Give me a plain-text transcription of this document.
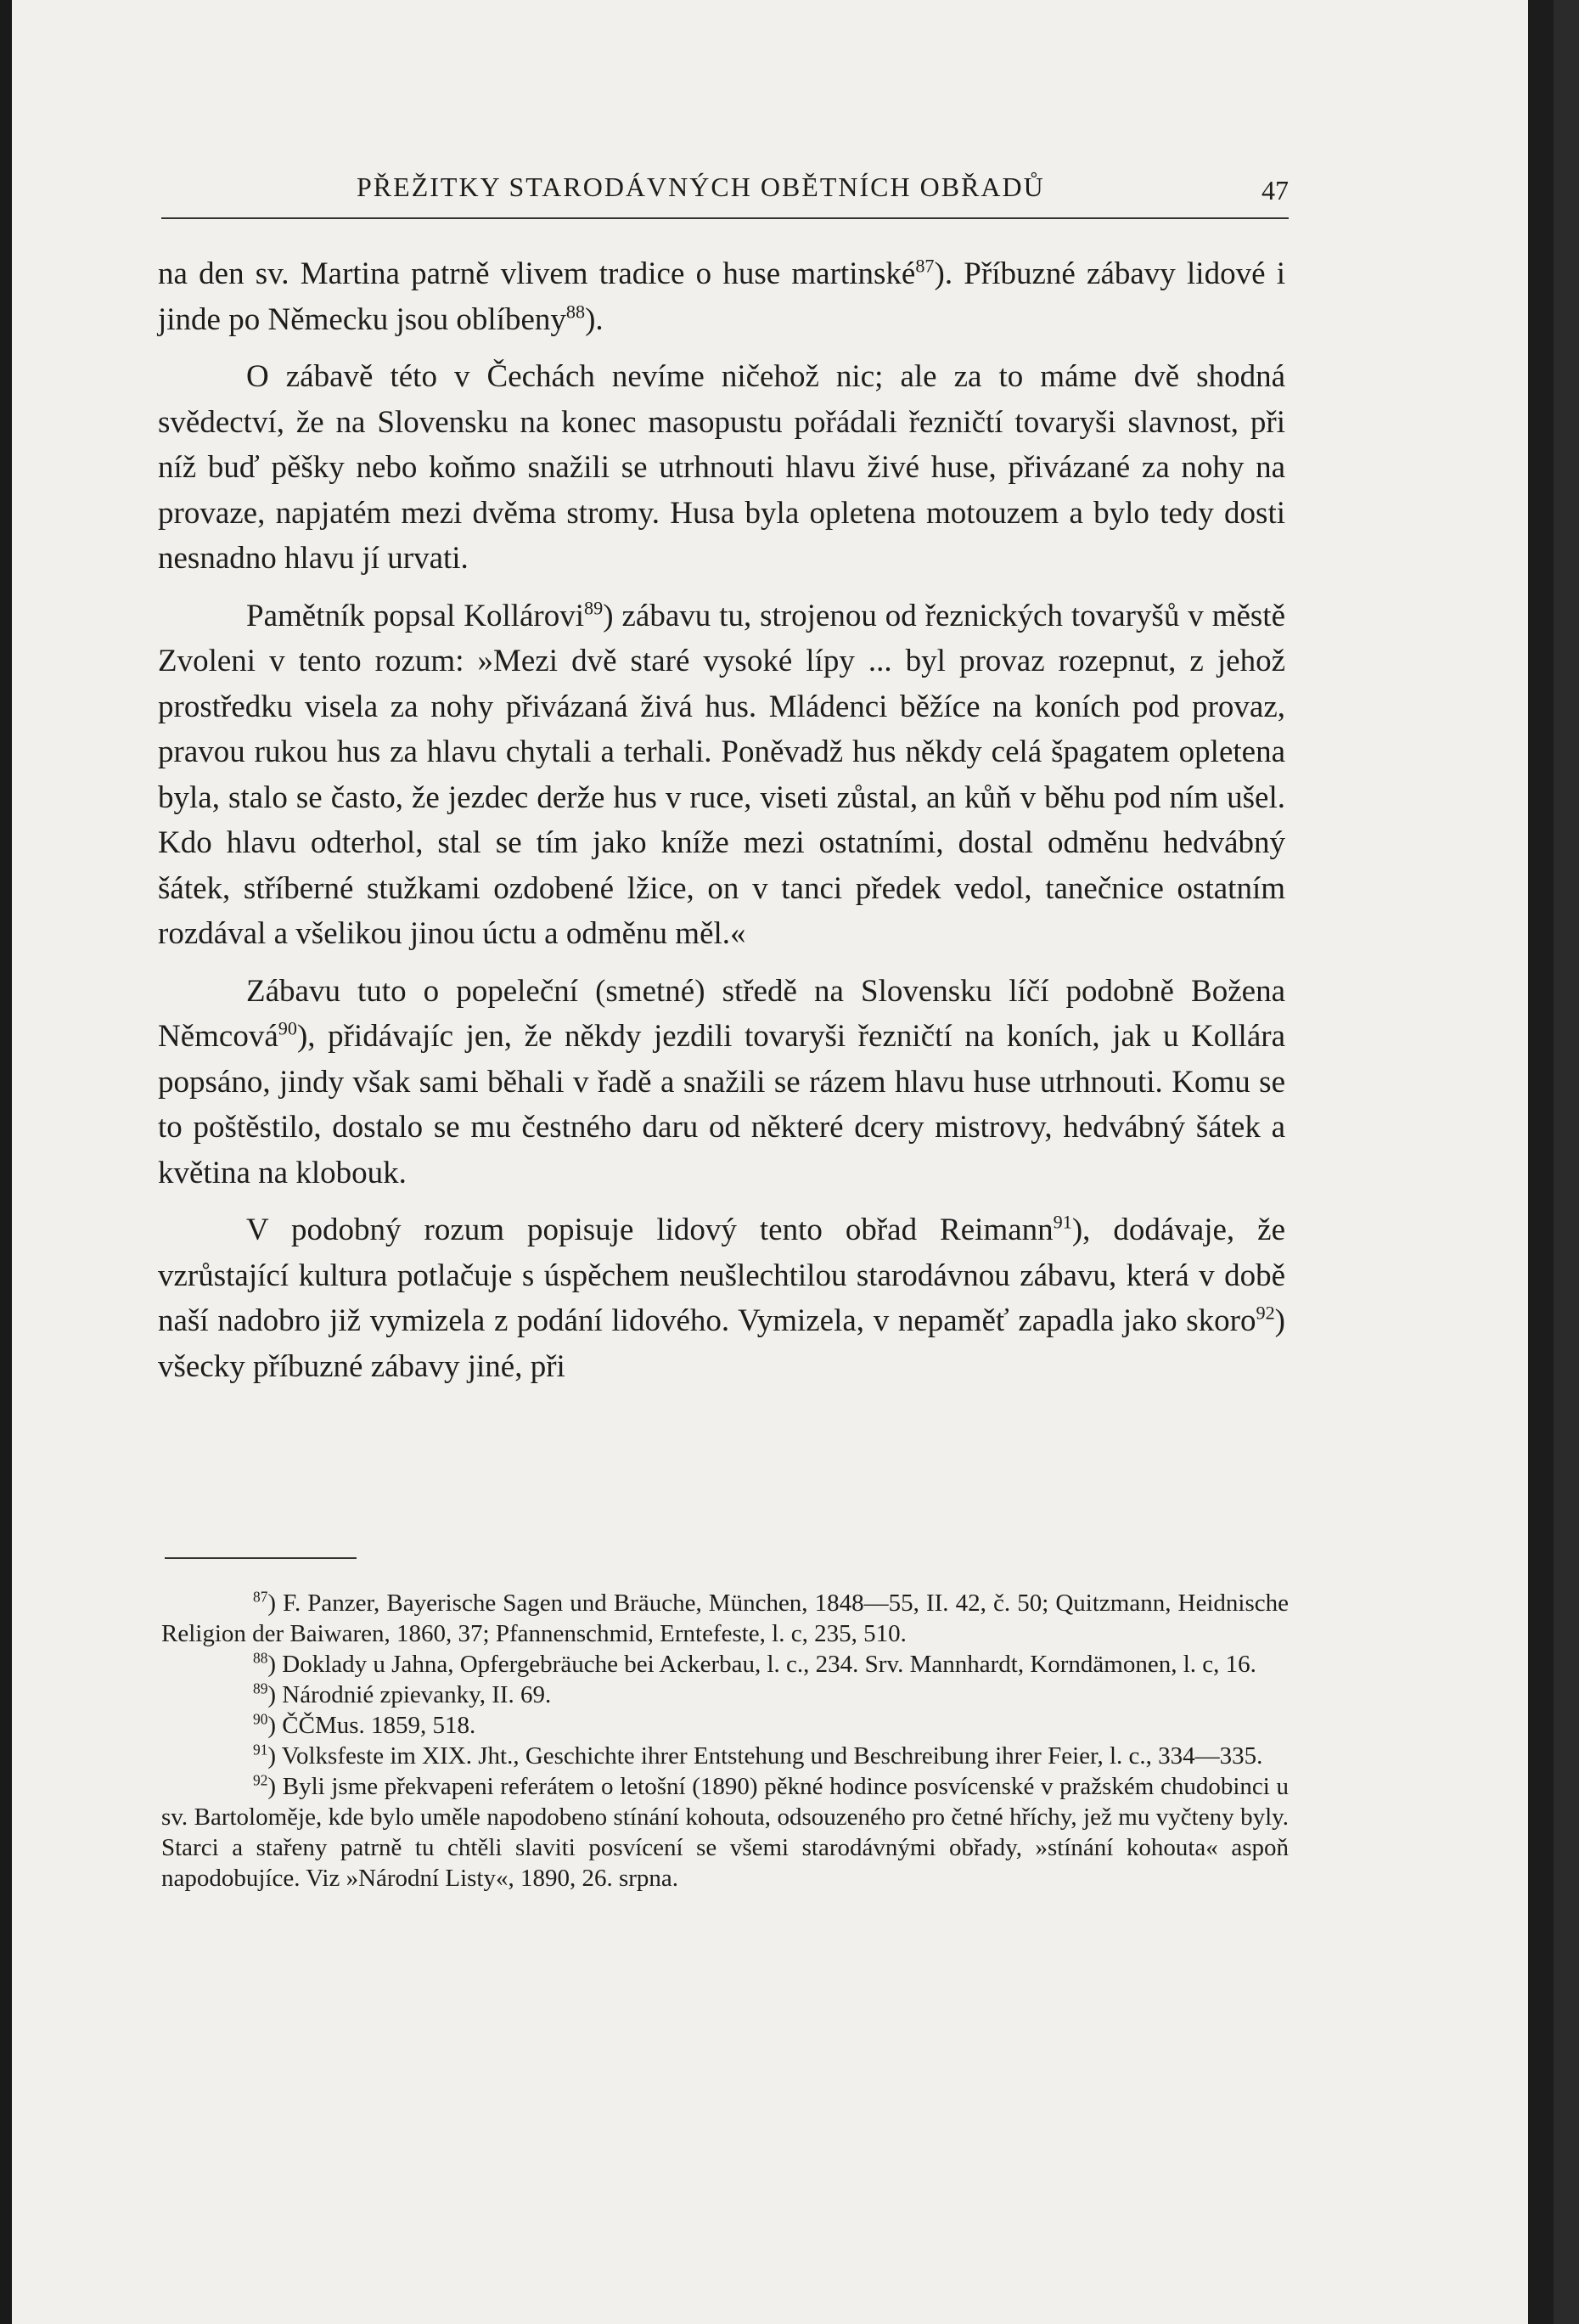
PŘEŽITKY STARODÁVNÝCH OBĚTNÍCH OBŘADŮ	47

na den sv. Martina patrně vlivem tradice o huse martinské$^{87}$). Příbuzné zábavy lidové i jinde po Německu jsou oblíbeny$^{88}$).

O zábavě této v Čechách nevíme ničehož nic; ale za to máme dvě shodná svědectví, že na Slovensku na konec masopustu pořádali řezničtí tovaryši slavnost, při níž buď pěšky nebo koňmo snažili se utrhnouti hlavu živé huse, přivázané za nohy na provaze, napjatém mezi dvěma stromy. Husa byla opletena motouzem a bylo tedy dosti nesnadno hlavu jí urvati.

Pamětník popsal Kollárovi$^{89}$) zábavu tu, strojenou od řeznických tovaryšů v městě Zvoleni v tento rozum: »Mezi dvě staré vysoké lípy ... byl provaz rozepnut, z jehož prostředku visela za nohy přivázaná živá hus. Mládenci běžíce na koních pod provaz, pravou rukou hus za hlavu chytali a terhali. Poněvadž hus někdy celá špagatem opletena byla, stalo se často, že jezdec derže hus v ruce, viseti zůstal, an kůň v běhu pod ním ušel. Kdo hlavu odterhol, stal se tím jako kníže mezi ostatními, dostal odměnu hedvábný šátek, stříberné stužkami ozdobené lžice, on v tanci předek vedol, tanečnice ostatním rozdával a všelikou jinou úctu a odměnu měl.«

Zábavu tuto o popeleční (smetné) středě na Slovensku líčí podobně Božena Němcová$^{90}$), přidávajíc jen, že někdy jezdili tovaryši řezničtí na koních, jak u Kollára popsáno, jindy však sami běhali v řadě a snažili se rázem hlavu huse utrhnouti. Komu se to poštěstilo, dostalo se mu čestného daru od některé dcery mistrovy, hedvábný šátek a květina na klobouk.

V podobný rozum popisuje lidový tento obřad Reimann$^{91}$), dodávaje, že vzrůstající kultura potlačuje s úspěchem neušlechtilou starodávnou zábavu, která v době naší nadobro již vymizela z podání lidového. Vymizela, v nepaměť zapadla jako skoro$^{92}$) všecky příbuzné zábavy jiné, při

$^{87}$) F. Panzer, Bayerische Sagen und Bräuche, München, 1848—55, II. 42, č. 50; Quitzmann, Heidnische Religion der Baiwaren, 1860, 37; Pfannenschmid, Erntefeste, l. c, 235, 510.

$^{88}$) Doklady u Jahna, Opfergebräuche bei Ackerbau, l. c., 234. Srv. Mannhardt, Korndämonen, l. c, 16.

$^{89}$) Národnié zpievanky, II. 69.

$^{90}$) ČČMus. 1859, 518.

$^{91}$) Volksfeste im XIX. Jht., Geschichte ihrer Entstehung und Beschreibung ihrer Feier, l. c., 334—335.

$^{92}$) Byli jsme překvapeni referátem o letošní (1890) pěkné hodince posvícenské v pražském chudobinci u sv. Bartoloměje, kde bylo uměle napodobeno stínání kohouta, odsouzeného pro četné hříchy, jež mu vyčteny byly. Starci a stařeny patrně tu chtěli slaviti posvícení se všemi starodávnými obřady, »stínání kohouta« aspoň napodobujíce. Viz »Národní Listy«, 1890, 26. srpna.
